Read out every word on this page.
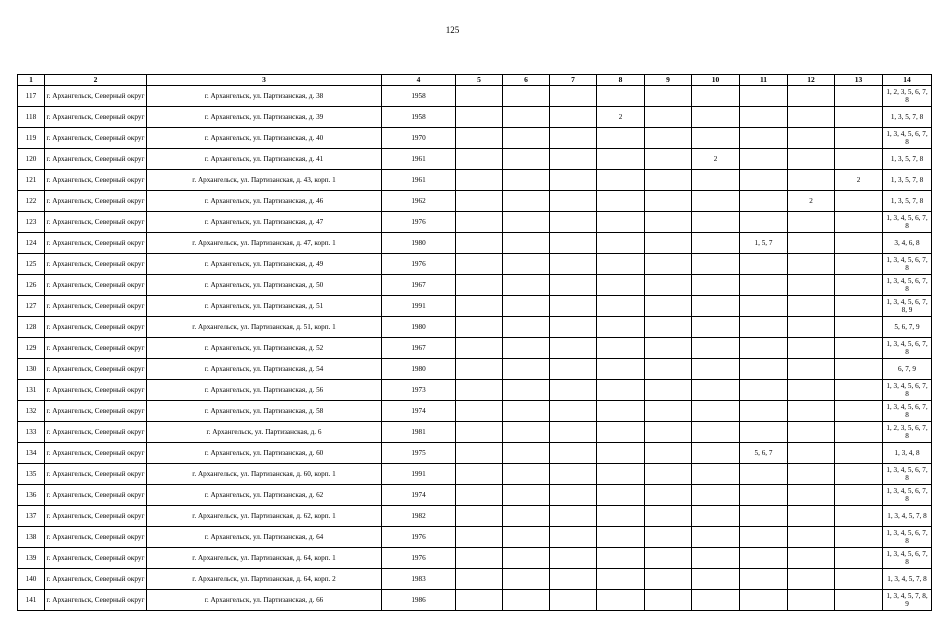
125
1	2	3	4	5	6	7	8	9	10	11	12	13	14
117	г. Архангельск, Северный округ	г. Архангельск, ул. Партизанская, д. 38	1958										1, 2, 3, 5, 6, 7, 8
118	г. Архангельск, Северный округ	г. Архангельск, ул. Партизанская, д. 39	1958				2						1, 3, 5, 7, 8
119	г. Архангельск, Северный округ	г. Архангельск, ул. Партизанская, д. 40	1970										1, 3, 4, 5, 6, 7, 8
120	г. Архангельск, Северный округ	г. Архангельск, ул. Партизанская, д. 41	1961						2				1, 3, 5, 7, 8
121	г. Архангельск, Северный округ	г. Архангельск, ул. Партизанская, д. 43, корп. 1	1961									2	1, 3, 5, 7, 8
122	г. Архангельск, Северный округ	г. Архангельск, ул. Партизанская, д. 46	1962								2		1, 3, 5, 7, 8
123	г. Архангельск, Северный округ	г. Архангельск, ул. Партизанская, д. 47	1976										1, 3, 4, 5, 6, 7, 8
124	г. Архангельск, Северный округ	г. Архангельск, ул. Партизанская, д. 47, корп. 1	1980							1, 5, 7			3, 4, 6, 8
125	г. Архангельск, Северный округ	г. Архангельск, ул. Партизанская, д. 49	1976										1, 3, 4, 5, 6, 7, 8
126	г. Архангельск, Северный округ	г. Архангельск, ул. Партизанская, д. 50	1967										1, 3, 4, 5, 6, 7, 8
127	г. Архангельск, Северный округ	г. Архангельск, ул. Партизанская, д. 51	1991										1, 3, 4, 5, 6, 7, 8, 9
128	г. Архангельск, Северный округ	г. Архангельск, ул. Партизанская, д. 51, корп. 1	1980										5, 6, 7, 9
129	г. Архангельск, Северный округ	г. Архангельск, ул. Партизанская, д. 52	1967										1, 3, 4, 5, 6, 7, 8
130	г. Архангельск, Северный округ	г. Архангельск, ул. Партизанская, д. 54	1980										6, 7, 9
131	г. Архангельск, Северный округ	г. Архангельск, ул. Партизанская, д. 56	1973										1, 3, 4, 5, 6, 7, 8
132	г. Архангельск, Северный округ	г. Архангельск, ул. Партизанская, д. 58	1974										1, 3, 4, 5, 6, 7, 8
133	г. Архангельск, Северный округ	г. Архангельск, ул. Партизанская, д. 6	1981										1, 2, 3, 5, 6, 7, 8
134	г. Архангельск, Северный округ	г. Архангельск, ул. Партизанская, д. 60	1975							5, 6, 7			1, 3, 4, 8
135	г. Архангельск, Северный округ	г. Архангельск, ул. Партизанская, д. 60, корп. 1	1991										1, 3, 4, 5, 6, 7, 8
136	г. Архангельск, Северный округ	г. Архангельск, ул. Партизанская, д. 62	1974										1, 3, 4, 5, 6, 7, 8
137	г. Архангельск, Северный округ	г. Архангельск, ул. Партизанская, д. 62, корп. 1	1982										1, 3, 4, 5, 7, 8
138	г. Архангельск, Северный округ	г. Архангельск, ул. Партизанская, д. 64	1976										1, 3, 4, 5, 6, 7, 8
139	г. Архангельск, Северный округ	г. Архангельск, ул. Партизанская, д. 64, корп. 1	1976										1, 3, 4, 5, 6, 7, 8
140	г. Архангельск, Северный округ	г. Архангельск, ул. Партизанская, д. 64, корп. 2	1983										1, 3, 4, 5, 7, 8
141	г. Архангельск, Северный округ	г. Архангельск, ул. Партизанская, д. 66	1986										1, 3, 4, 5, 7, 8, 9
